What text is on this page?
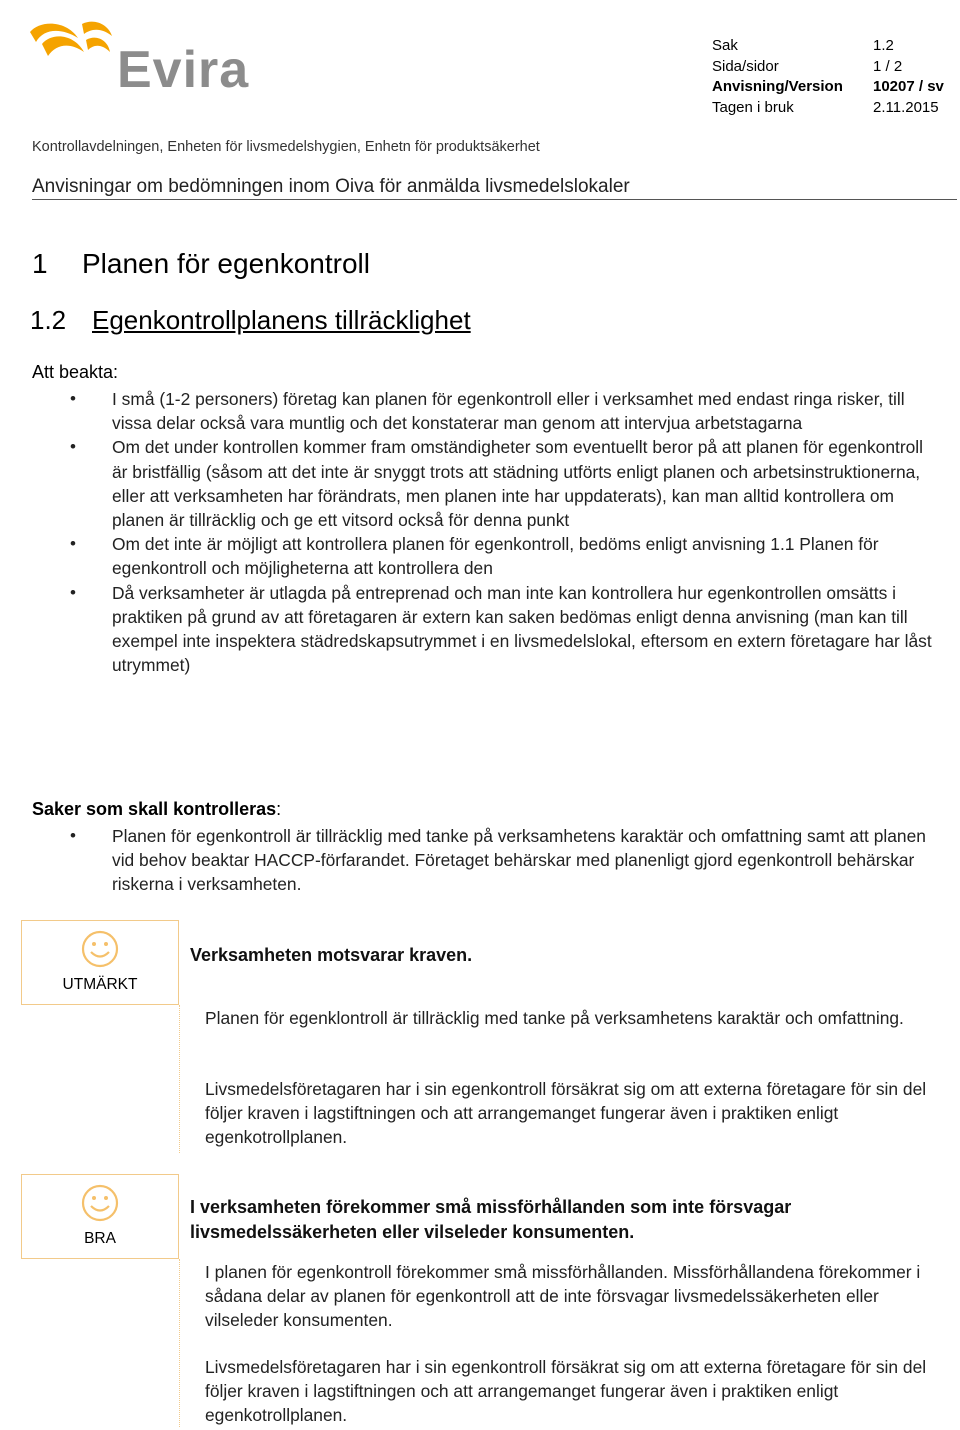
Evira	Sak	1.2
Sida/sidor	1 / 2
Anvisning/Version	10207 / sv
Tagen i bruk	2.11.2015
Kontrollavdelningen, Enheten för livsmedelshygien, Enhetn för produktsäkerhet
Anvisningar om bedömningen inom Oiva för anmälda livsmedelslokaler
1 Planen för egenkontroll
1.2 Egenkontrollplanens tillräcklighet
Att beakta:
• I små (1-2 personers) företag kan planen för egenkontroll eller i verksamhet med endast ringa risker, till vissa delar också vara muntlig och det konstaterar man genom att intervjua arbetstagarna
• Om det under kontrollen kommer fram omständigheter som eventuellt beror på att planen för egenkontroll är bristfällig (såsom att det inte är snyggt trots att städning utförts enligt planen och arbetsinstruktionerna, eller att verksamheten har förändrats, men planen inte har uppdaterats), kan man alltid kontrollera om planen är tillräcklig och ge ett vitsord också för denna punkt
• Om det inte är möjligt att kontrollera planen för egenkontroll, bedöms enligt anvisning 1.1 Planen för egenkontroll och möjligheterna att kontrollera den
• Då verksamheter är utlagda på entreprenad och man inte kan kontrollera hur egenkontrollen omsätts i praktiken på grund av att företagaren är extern kan saken bedömas enligt denna anvisning (man kan till exempel inte inspektera städredskapsutrymmet i en livsmedelslokal, eftersom en extern företagare har låst utrymmet)
Saker som skall kontrolleras:
• Planen för egenkontroll är tillräcklig med tanke på verksamhetens karaktär och omfattning samt att planen vid behov beaktar HACCP-förfarandet. Företaget behärskar med planenligt gjord egenkontroll behärskar riskerna i verksamheten.
UTMÄRKT
Verksamheten motsvarar kraven.
Planen för egenklontroll är tillräcklig med tanke på verksamhetens karaktär och omfattning.
Livsmedelsföretagaren har i sin egenkontroll försäkrat sig om att externa företagare för sin del följer kraven i lagstiftningen och att arrangemanget fungerar även i praktiken enligt egenkotrollplanen.
BRA
I verksamheten förekommer små missförhållanden som inte försvagar livsmedelssäkerheten eller vilseleder konsumenten.
I planen för egenkontroll förekommer små missförhållanden. Missförhållandena förekommer i sådana delar av planen för egenkontroll att de inte försvagar livsmedelssäkerheten eller vilseleder konsumenten.
Livsmedelsföretagaren har i sin egenkontroll försäkrat sig om att externa företagare för sin del följer kraven i lagstiftningen och att arrangemanget fungerar även i praktiken enligt egenkotrollplanen.
